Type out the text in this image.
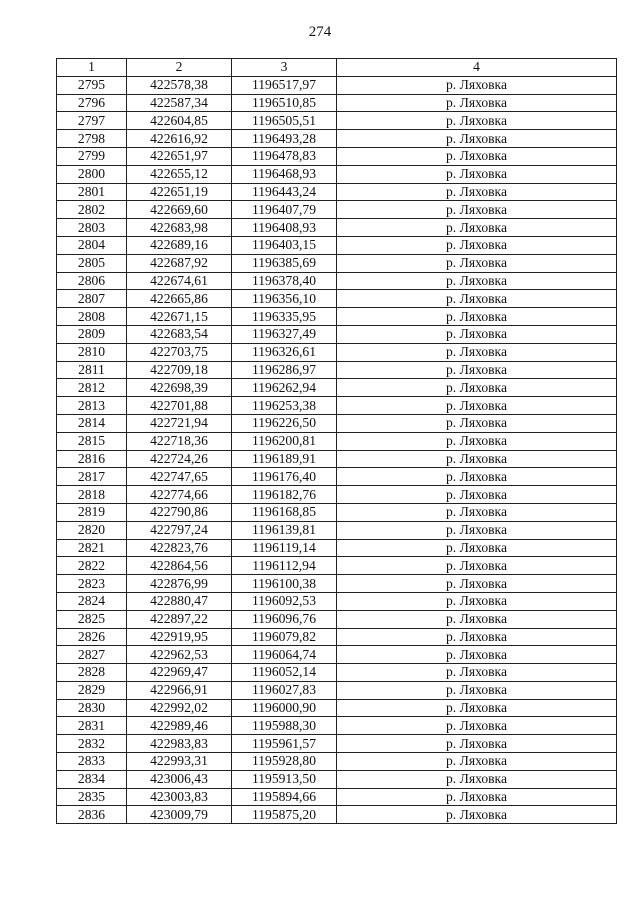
274
1	2	3	4
2795	422578,38	1196517,97	р. Ляховка
2796	422587,34	1196510,85	р. Ляховка
2797	422604,85	1196505,51	р. Ляховка
2798	422616,92	1196493,28	р. Ляховка
2799	422651,97	1196478,83	р. Ляховка
2800	422655,12	1196468,93	р. Ляховка
2801	422651,19	1196443,24	р. Ляховка
2802	422669,60	1196407,79	р. Ляховка
2803	422683,98	1196408,93	р. Ляховка
2804	422689,16	1196403,15	р. Ляховка
2805	422687,92	1196385,69	р. Ляховка
2806	422674,61	1196378,40	р. Ляховка
2807	422665,86	1196356,10	р. Ляховка
2808	422671,15	1196335,95	р. Ляховка
2809	422683,54	1196327,49	р. Ляховка
2810	422703,75	1196326,61	р. Ляховка
2811	422709,18	1196286,97	р. Ляховка
2812	422698,39	1196262,94	р. Ляховка
2813	422701,88	1196253,38	р. Ляховка
2814	422721,94	1196226,50	р. Ляховка
2815	422718,36	1196200,81	р. Ляховка
2816	422724,26	1196189,91	р. Ляховка
2817	422747,65	1196176,40	р. Ляховка
2818	422774,66	1196182,76	р. Ляховка
2819	422790,86	1196168,85	р. Ляховка
2820	422797,24	1196139,81	р. Ляховка
2821	422823,76	1196119,14	р. Ляховка
2822	422864,56	1196112,94	р. Ляховка
2823	422876,99	1196100,38	р. Ляховка
2824	422880,47	1196092,53	р. Ляховка
2825	422897,22	1196096,76	р. Ляховка
2826	422919,95	1196079,82	р. Ляховка
2827	422962,53	1196064,74	р. Ляховка
2828	422969,47	1196052,14	р. Ляховка
2829	422966,91	1196027,83	р. Ляховка
2830	422992,02	1196000,90	р. Ляховка
2831	422989,46	1195988,30	р. Ляховка
2832	422983,83	1195961,57	р. Ляховка
2833	422993,31	1195928,80	р. Ляховка
2834	423006,43	1195913,50	р. Ляховка
2835	423003,83	1195894,66	р. Ляховка
2836	423009,79	1195875,20	р. Ляховка
